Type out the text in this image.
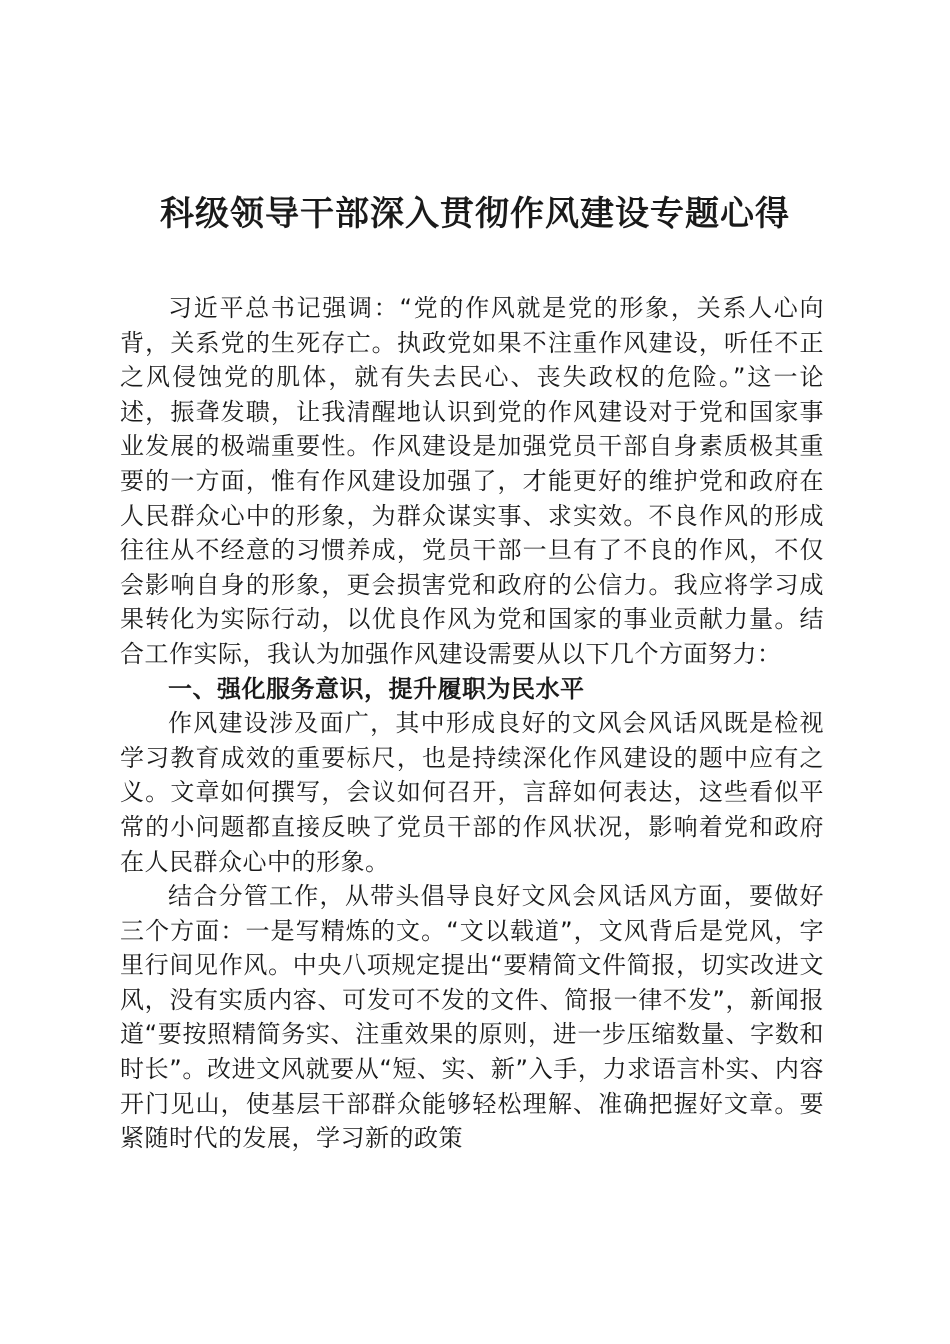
科级领导干部深入贯彻作风建设专题心得

习近平总书记强调：“党的作风就是党的形象，关系人心向背，关系党的生死存亡。执政党如果不注重作风建设，听任不正之风侵蚀党的肌体，就有失去民心、丧失政权的危险。”这一论述，振聋发聩，让我清醒地认识到党的作风建设对于党和国家事业发展的极端重要性。作风建设是加强党员干部自身素质极其重要的一方面，惟有作风建设加强了，才能更好的维护党和政府在人民群众心中的形象，为群众谋实事、求实效。不良作风的形成往往从不经意的习惯养成，党员干部一旦有了不良的作风，不仅会影响自身的形象，更会损害党和政府的公信力。我应将学习成果转化为实际行动，以优良作风为党和国家的事业贡献力量。结合工作实际，我认为加强作风建设需要从以下几个方面努力：

一、强化服务意识，提升履职为民水平

作风建设涉及面广，其中形成良好的文风会风话风既是检视学习教育成效的重要标尺，也是持续深化作风建设的题中应有之义。文章如何撰写，会议如何召开，言辞如何表达，这些看似平常的小问题都直接反映了党员干部的作风状况，影响着党和政府在人民群众心中的形象。

结合分管工作，从带头倡导良好文风会风话风方面，要做好三个方面：一是写精炼的文。“文以载道”，文风背后是党风，字里行间见作风。中央八项规定提出“要精简文件简报，切实改进文风，没有实质内容、可发可不发的文件、简报一律不发”，新闻报道“要按照精简务实、注重效果的原则，进一步压缩数量、字数和时长”。改进文风就要从“短、实、新”入手，力求语言朴实、内容开门见山，使基层干部群众能够轻松理解、准确把握好文章。要紧随时代的发展，学习新的政策
